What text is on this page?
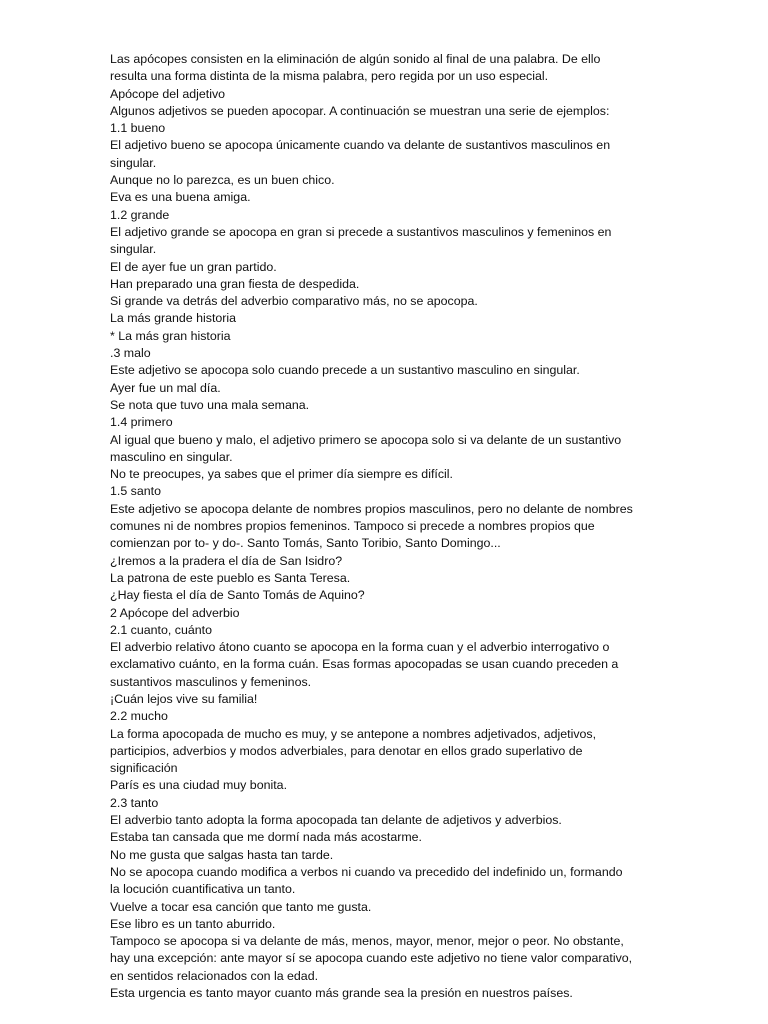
Las apócopes consisten en la eliminación de algún sonido al final de una palabra. De ello
resulta una forma distinta de la misma palabra, pero regida por un uso especial.
Apócope del adjetivo
Algunos adjetivos se pueden apocopar. A continuación se muestran una serie de ejemplos:
1.1 bueno
El adjetivo bueno se apocopa únicamente cuando va delante de sustantivos masculinos en
singular.
Aunque no lo parezca, es un buen chico.
Eva es una buena amiga.
1.2 grande
El adjetivo grande se apocopa en gran si precede a sustantivos masculinos y femeninos en
singular.
El de ayer fue un gran partido.
Han preparado una gran fiesta de despedida.
Si grande va detrás del adverbio comparativo más, no se apocopa.
La más grande historia
* La más gran historia
.3 malo
Este adjetivo se apocopa solo cuando precede a un sustantivo masculino en singular.
Ayer fue un mal día.
Se nota que tuvo una mala semana.
1.4 primero
Al igual que bueno y malo, el adjetivo primero se apocopa solo si va delante de un sustantivo
masculino en singular.
No te preocupes, ya sabes que el primer día siempre es difícil.
1.5 santo
Este adjetivo se apocopa delante de nombres propios masculinos, pero no delante de nombres
comunes ni de nombres propios femeninos. Tampoco si precede a nombres propios que
comienzan por to- y do-. Santo Tomás, Santo Toribio, Santo Domingo...
¿Iremos a la pradera el día de San Isidro?
La patrona de este pueblo es Santa Teresa.
¿Hay fiesta el día de Santo Tomás de Aquino?
2 Apócope del adverbio
2.1 cuanto, cuánto
El adverbio relativo átono cuanto se apocopa en la forma cuan y el adverbio interrogativo o
exclamativo cuánto, en la forma cuán. Esas formas apocopadas se usan cuando preceden a
sustantivos masculinos y femeninos.
¡Cuán lejos vive su familia!
2.2 mucho
La forma apocopada de mucho es muy, y se antepone a nombres adjetivados, adjetivos,
participios, adverbios y modos adverbiales, para denotar en ellos grado superlativo de
significación
París es una ciudad muy bonita.
2.3 tanto
El adverbio tanto adopta la forma apocopada tan delante de adjetivos y adverbios.
Estaba tan cansada que me dormí nada más acostarme.
No me gusta que salgas hasta tan tarde.
No se apocopa cuando modifica a verbos ni cuando va precedido del indefinido un, formando
la locución cuantificativa un tanto.
Vuelve a tocar esa canción que tanto me gusta.
Ese libro es un tanto aburrido.
Tampoco se apocopa si va delante de más, menos, mayor, menor, mejor o peor. No obstante,
hay una excepción: ante mayor sí se apocopa cuando este adjetivo no tiene valor comparativo,
en sentidos relacionados con la edad.
Esta urgencia es tanto mayor cuanto más grande sea la presión en nuestros países.
